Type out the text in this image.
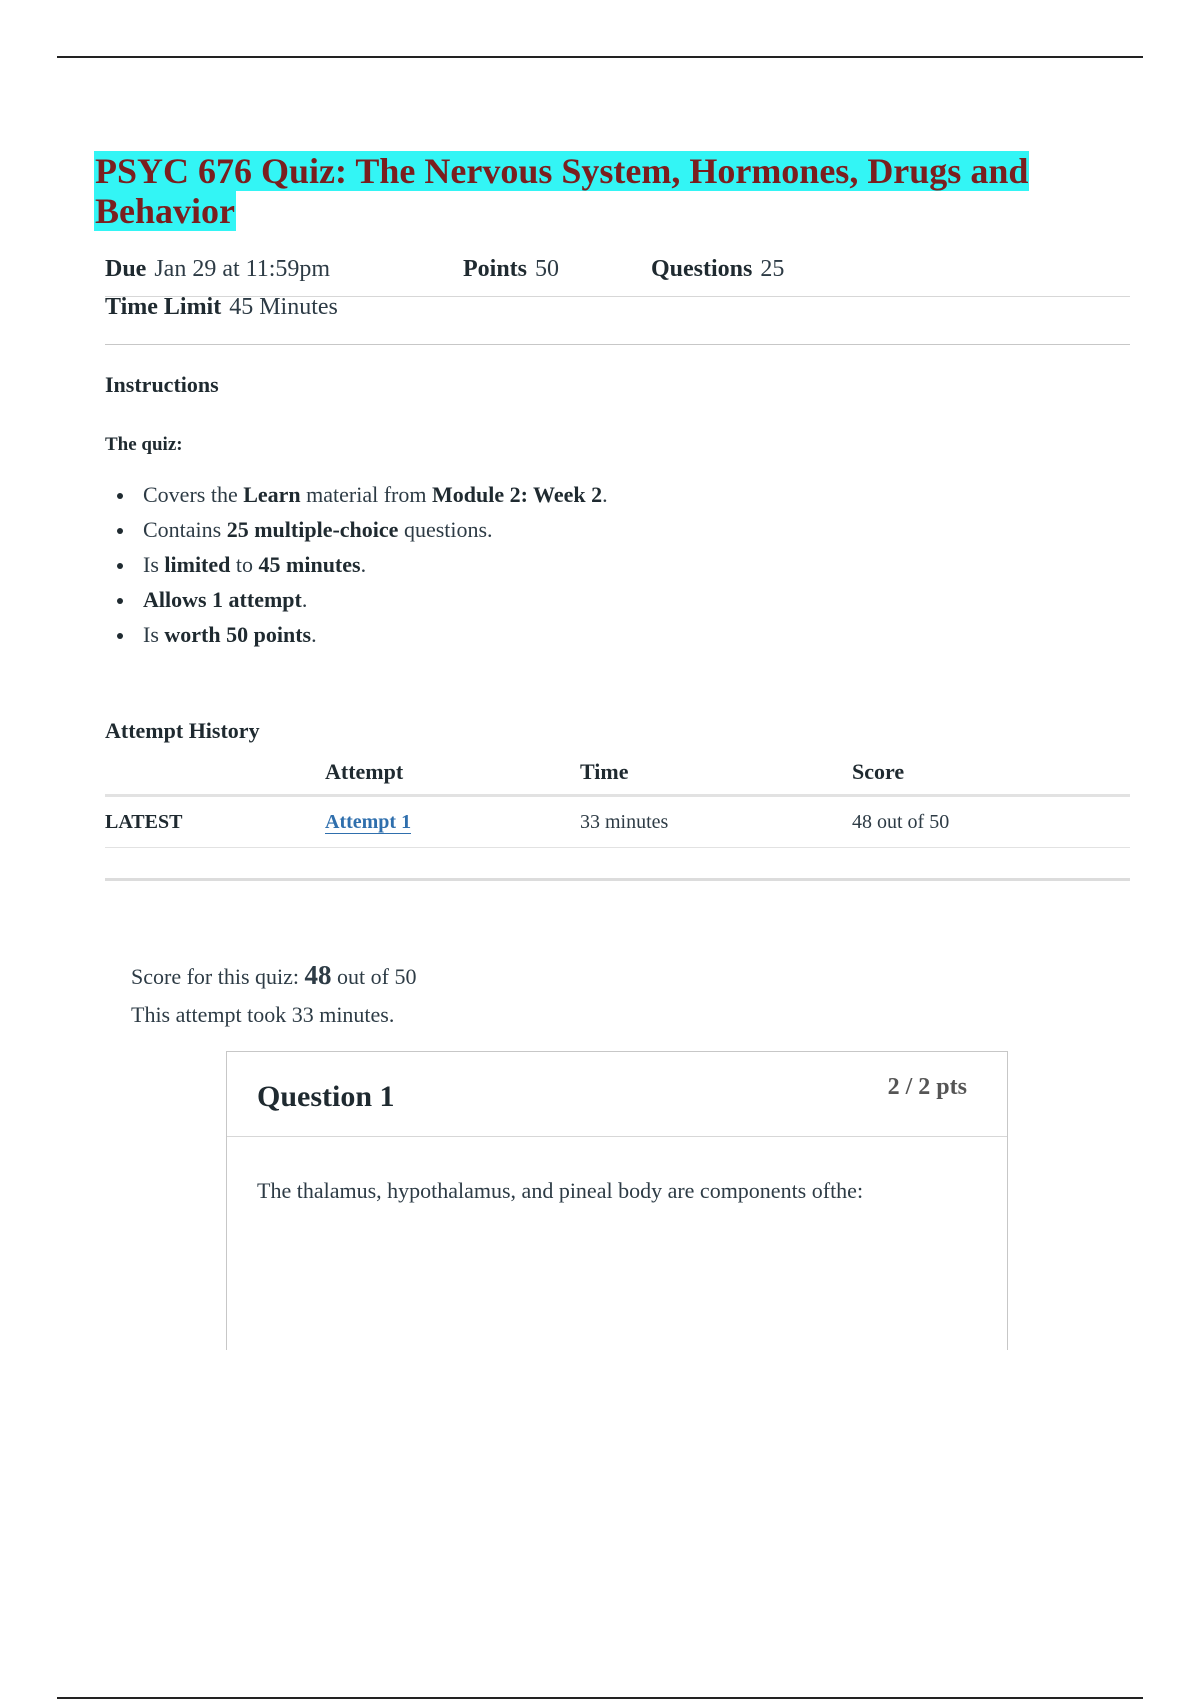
PSYC 676 Quiz: The Nervous System, Hormones, Drugs and Behavior
Due Jan 29 at 11:59pm	Points 50	Questions 25
Time Limit 45 Minutes
Instructions
The quiz:
Covers the Learn material from Module 2: Week 2.
Contains 25 multiple-choice questions.
Is limited to 45 minutes.
Allows 1 attempt.
Is worth 50 points.
Attempt History
	Attempt	Time	Score
LATEST	Attempt 1	33 minutes	48 out of 50

Score for this quiz: 48 out of 50

This attempt took 33 minutes.

Question 1	2 / 2 pts

The thalamus, hypothalamus, and pineal body are components ofthe:
